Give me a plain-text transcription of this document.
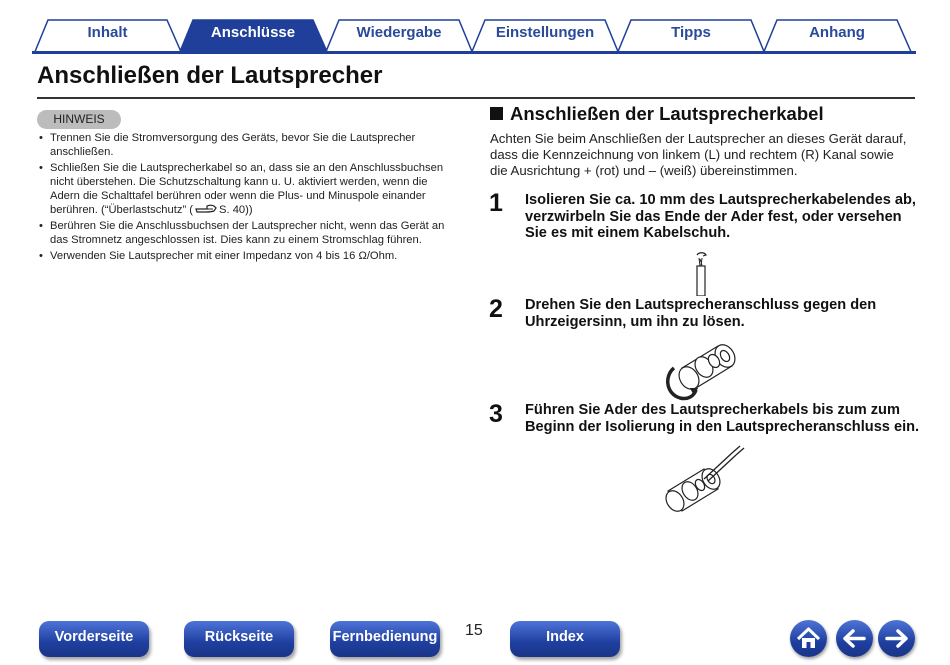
Inhalt	Anschlüsse	Wiedergabe	Einstellungen	Tipps	Anhang
Anschließen der Lautsprecher
HINWEIS
• Trennen Sie die Stromversorgung des Geräts, bevor Sie die Lautsprecher anschließen.
• Schließen Sie die Lautsprecherkabel so an, dass sie an den Anschlussbuchsen nicht überstehen. Die Schutzschaltung kann u. U. aktiviert werden, wenn die Adern die Schalttafel berühren oder wenn die Plus- und Minuspole einander berühren. (“Überlastschutz” ( S. 40))
• Berühren Sie die Anschlussbuchsen der Lautsprecher nicht, wenn das Gerät an das Stromnetz angeschlossen ist. Dies kann zu einem Stromschlag führen.
• Verwenden Sie Lautsprecher mit einer Impedanz von 4 bis 16 Ω/Ohm.
Anschließen der Lautsprecherkabel
Achten Sie beim Anschließen der Lautsprecher an dieses Gerät darauf, dass die Kennzeichnung von linkem (L) und rechtem (R) Kanal sowie die Ausrichtung + (rot) und – (weiß) übereinstimmen.
1 Isolieren Sie ca. 10 mm des Lautsprecherkabelendes ab, verzwirbeln Sie das Ende der Ader fest, oder versehen Sie es mit einem Kabelschuh.
2 Drehen Sie den Lautsprecheranschluss gegen den Uhrzeigersinn, um ihn zu lösen.
3 Führen Sie Ader des Lautsprecherkabels bis zum zum Beginn der Isolierung in den Lautsprecheranschluss ein.
Vorderseite	Rückseite	Fernbedienung 15	Index
